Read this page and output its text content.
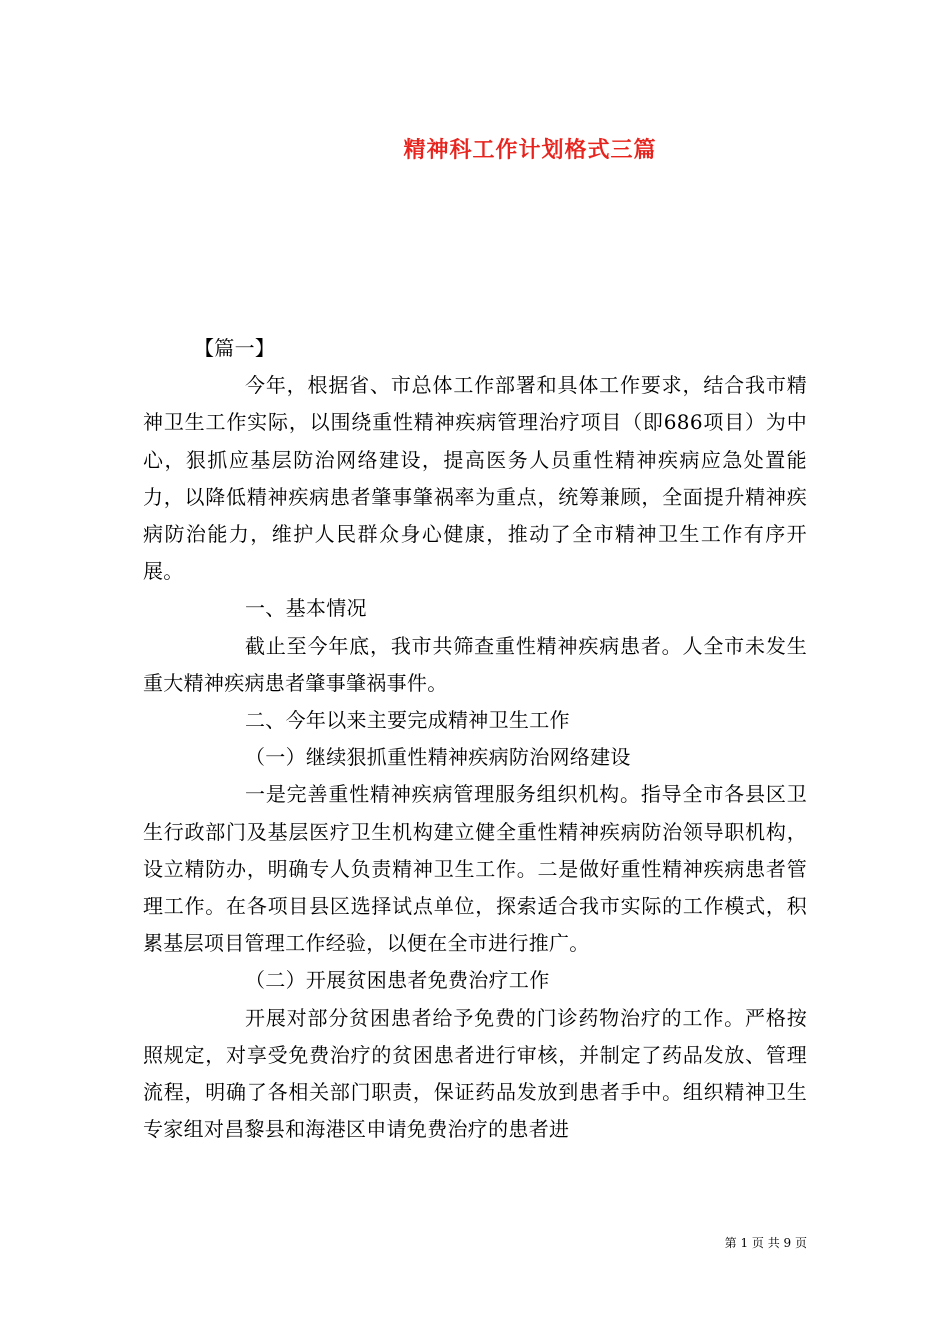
精神科工作计划格式三篇

【篇一】

今年，根据省、市总体工作部署和具体工作要求，结合我市精神卫生工作实际，以围绕重性精神疾病管理治疗项目（即686项目）为中心，狠抓应基层防治网络建设，提高医务人员重性精神疾病应急处置能力，以降低精神疾病患者肇事肇祸率为重点，统筹兼顾，全面提升精神疾病防治能力，维护人民群众身心健康，推动了全市精神卫生工作有序开展。

一、基本情况

截止至今年底，我市共筛查重性精神疾病患者。人全市未发生重大精神疾病患者肇事肇祸事件。

二、今年以来主要完成精神卫生工作

（一）继续狠抓重性精神疾病防治网络建设

一是完善重性精神疾病管理服务组织机构。指导全市各县区卫生行政部门及基层医疗卫生机构建立健全重性精神疾病防治领导职机构，设立精防办，明确专人负责精神卫生工作。二是做好重性精神疾病患者管理工作。在各项目县区选择试点单位，探索适合我市实际的工作模式，积累基层项目管理工作经验，以便在全市进行推广。

（二）开展贫困患者免费治疗工作

开展对部分贫困患者给予免费的门诊药物治疗的工作。严格按照规定，对享受免费治疗的贫困患者进行审核，并制定了药品发放、管理流程，明确了各相关部门职责，保证药品发放到患者手中。组织精神卫生专家组对昌黎县和海港区申请免费治疗的患者进

第 1 页 共 9 页
